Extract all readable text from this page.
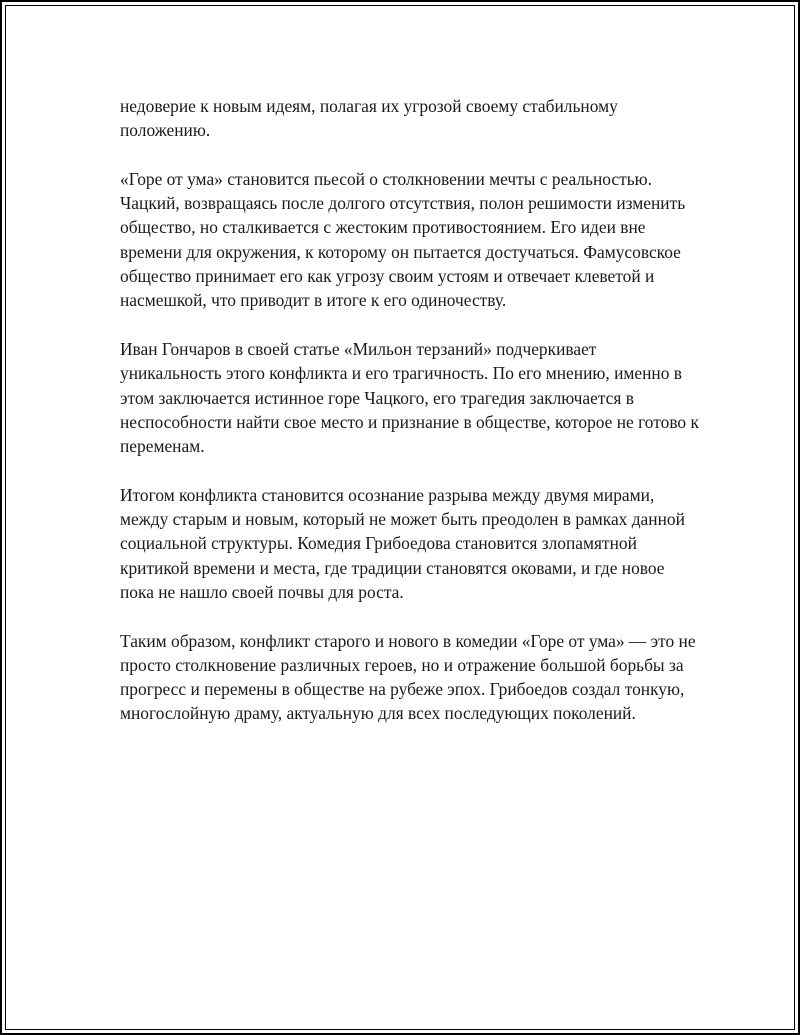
недоверие к новым идеям, полагая их угрозой своему стабильному положению.

«Горе от ума» становится пьесой о столкновении мечты с реальностью. Чацкий, возвращаясь после долгого отсутствия, полон решимости изменить общество, но сталкивается с жестоким противостоянием. Его идеи вне времени для окружения, к которому он пытается достучаться. Фамусовское общество принимает его как угрозу своим устоям и отвечает клеветой и насмешкой, что приводит в итоге к его одиночеству.

Иван Гончаров в своей статье «Мильон терзаний» подчеркивает уникальность этого конфликта и его трагичность. По его мнению, именно в этом заключается истинное горе Чацкого, его трагедия заключается в неспособности найти свое место и признание в обществе, которое не готово к переменам.

Итогом конфликта становится осознание разрыва между двумя мирами, между старым и новым, который не может быть преодолен в рамках данной социальной структуры. Комедия Грибоедова становится злопамятной критикой времени и места, где традиции становятся оковами, и где новое пока не нашло своей почвы для роста.

Таким образом, конфликт старого и нового в комедии «Горе от ума» — это не просто столкновение различных героев, но и отражение большой борьбы за прогресс и перемены в обществе на рубеже эпох. Грибоедов создал тонкую, многослойную драму, актуальную для всех последующих поколений.
